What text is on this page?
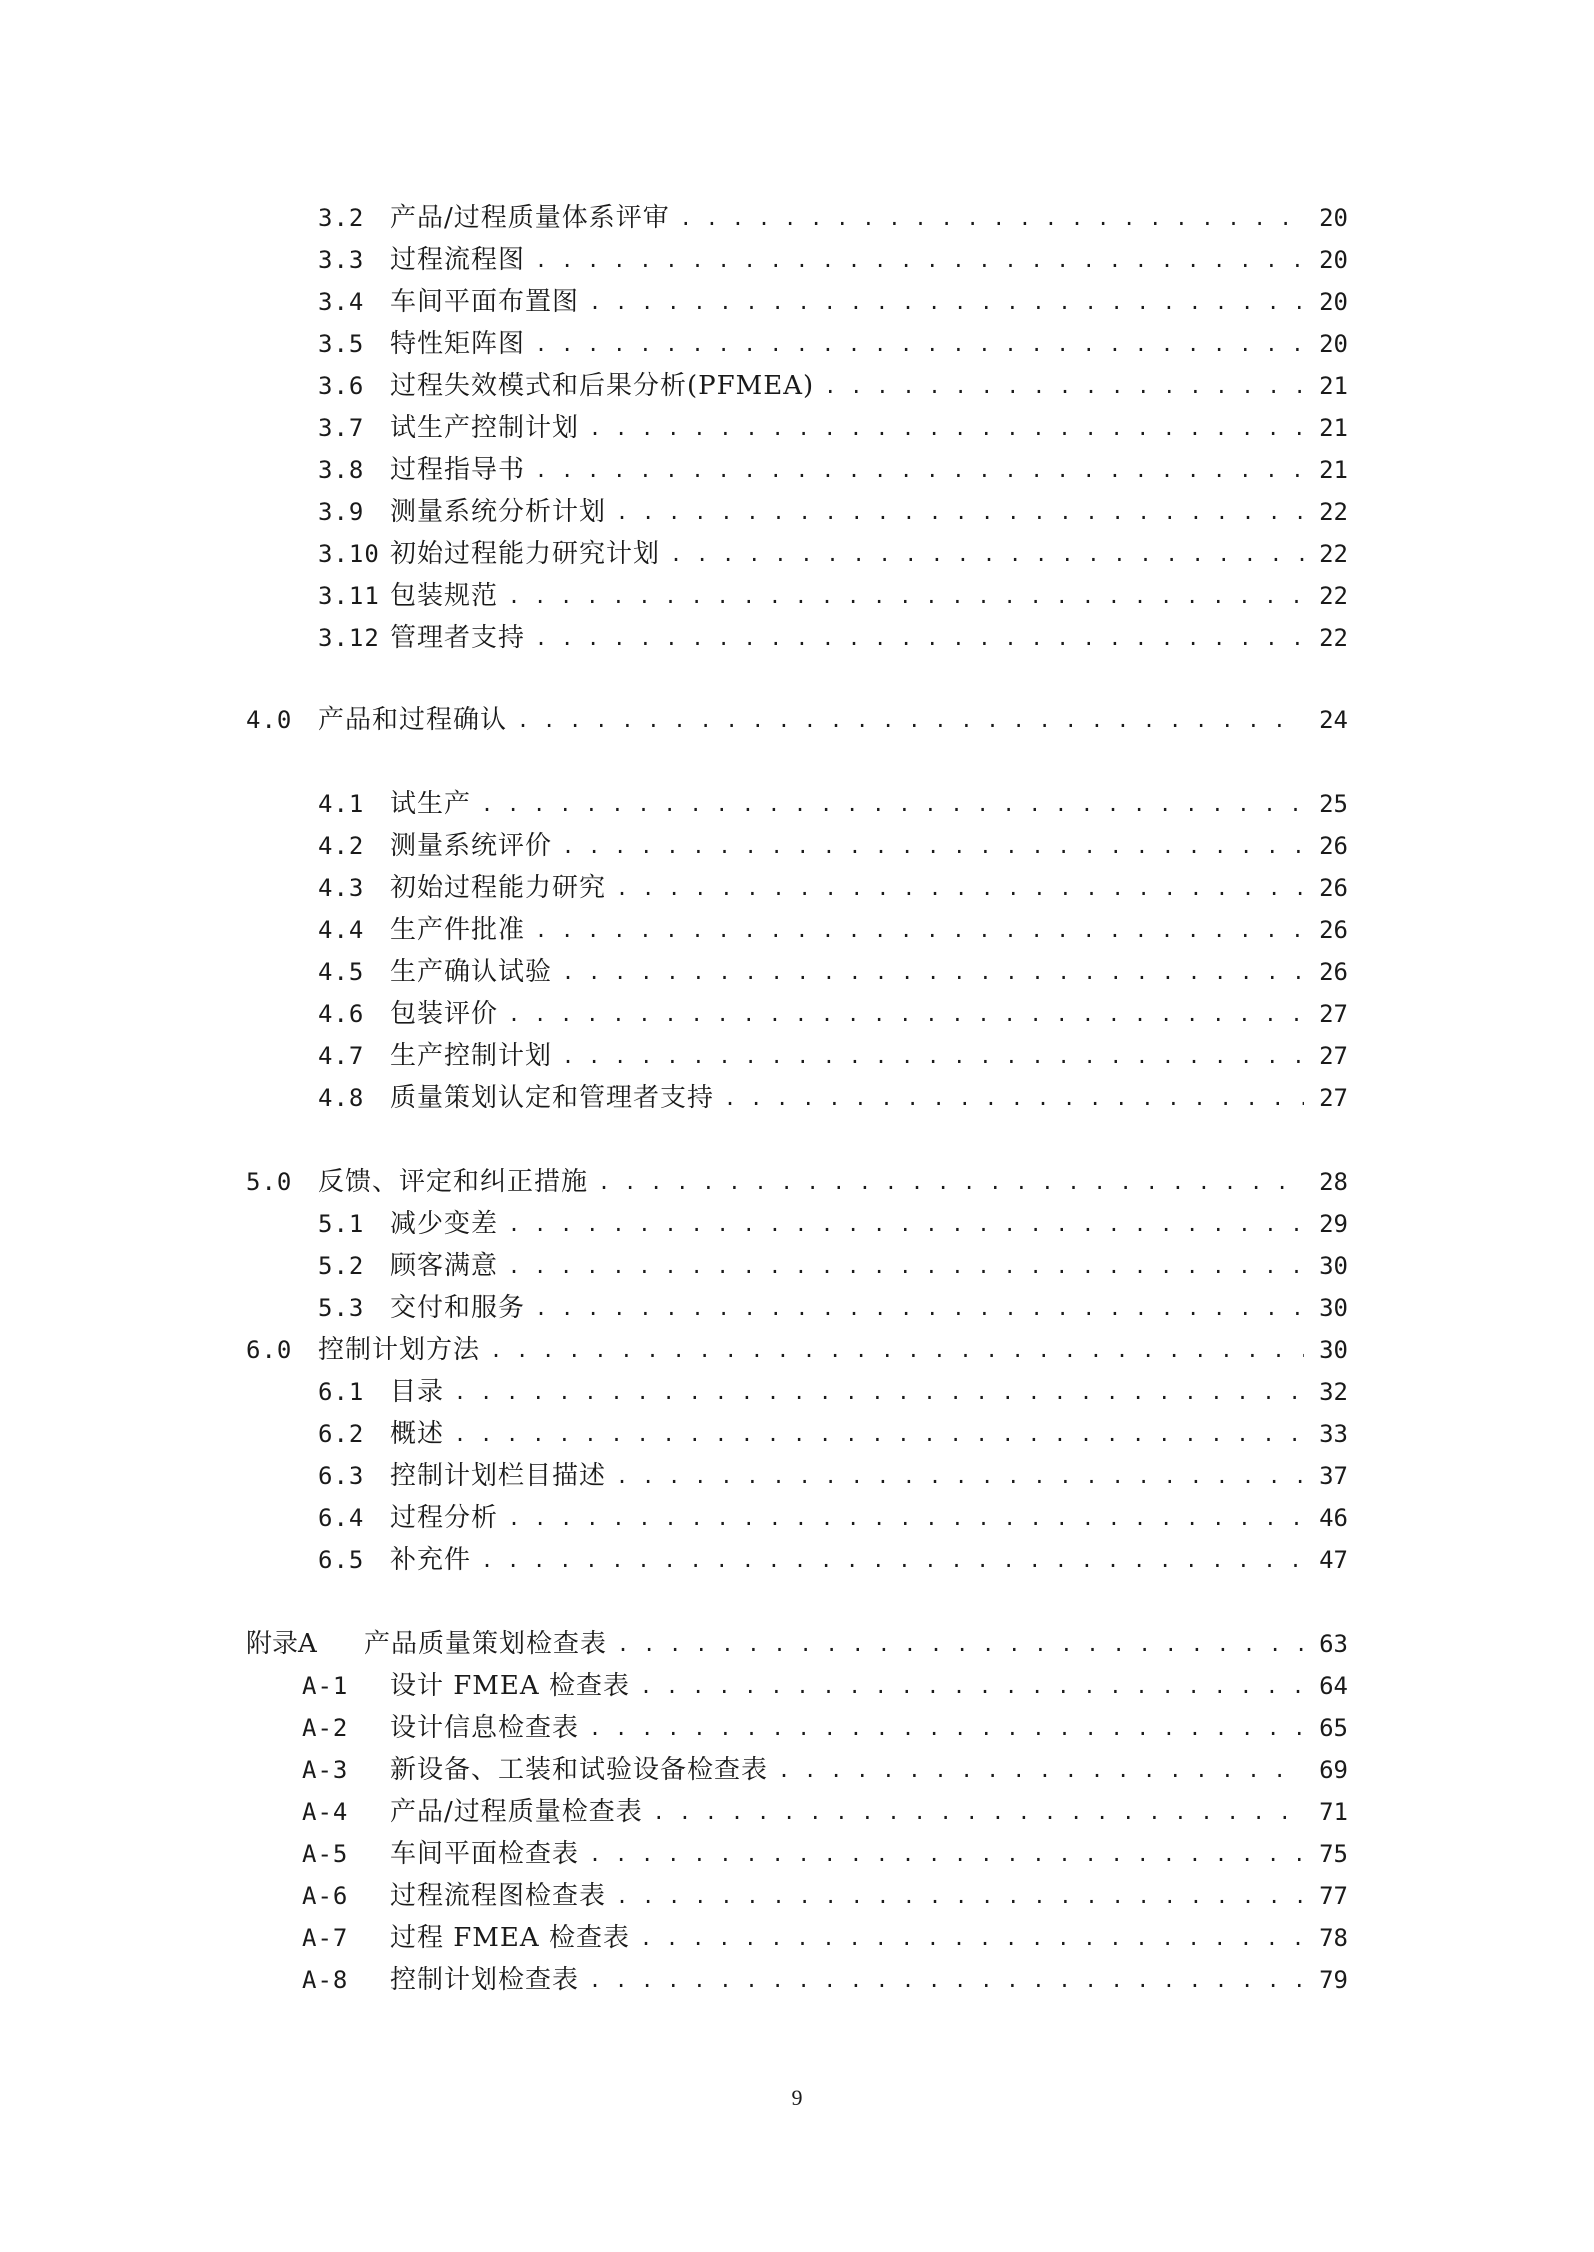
3.2 产品/过程质量体系评审 . . .	20
3.3 过程流程图 . . .	20
3.4 车间平面布置图 . . .	20
3.5 特性矩阵图 . . .	20
3.6 过程失效模式和后果分析(PFMEA) . . .	21
3.7 试生产控制计划 . . .	21
3.8 过程指导书 . . .	21
3.9 测量系统分析计划 . . .	22
3.10 初始过程能力研究计划 . . .	22
3.11 包装规范 . . .	22
3.12 管理者支持 . . .	22
4.0 产品和过程确认 . . .	24
4.1 试生产 . . .	25
4.2 测量系统评价 . . .	26
4.3 初始过程能力研究 . . .	26
4.4 生产件批准 . . .	26
4.5 生产确认试验 . . .	26
4.6 包装评价 . . .	27
4.7 生产控制计划 . . .	27
4.8 质量策划认定和管理者支持 . . .	27
5.0 反馈、评定和纠正措施 . . .	28
5.1 减少变差 . . .	29
5.2 顾客满意 . . .	30
5.3 交付和服务 . . .	30
6.0 控制计划方法 . . .	30
6.1 目录 . . .	32
6.2 概述 . . .	33
6.3 控制计划栏目描述 . . .	37
6.4 过程分析 . . .	46
6.5 补充件 . . .	47
附录A	产品质量策划检查表 . . .	63
A-1	设计 FMEA 检查表 . . .	64
A-2	设计信息检查表 . . .	65
A-3	新设备、工装和试验设备检查表 . . .	69
A-4	产品/过程质量检查表 . . .	71
A-5	车间平面检查表 . . .	75
A-6	过程流程图检查表 . . .	77
A-7	过程 FMEA 检查表 . . .	78
A-8	控制计划检查表 . . .	79
9
